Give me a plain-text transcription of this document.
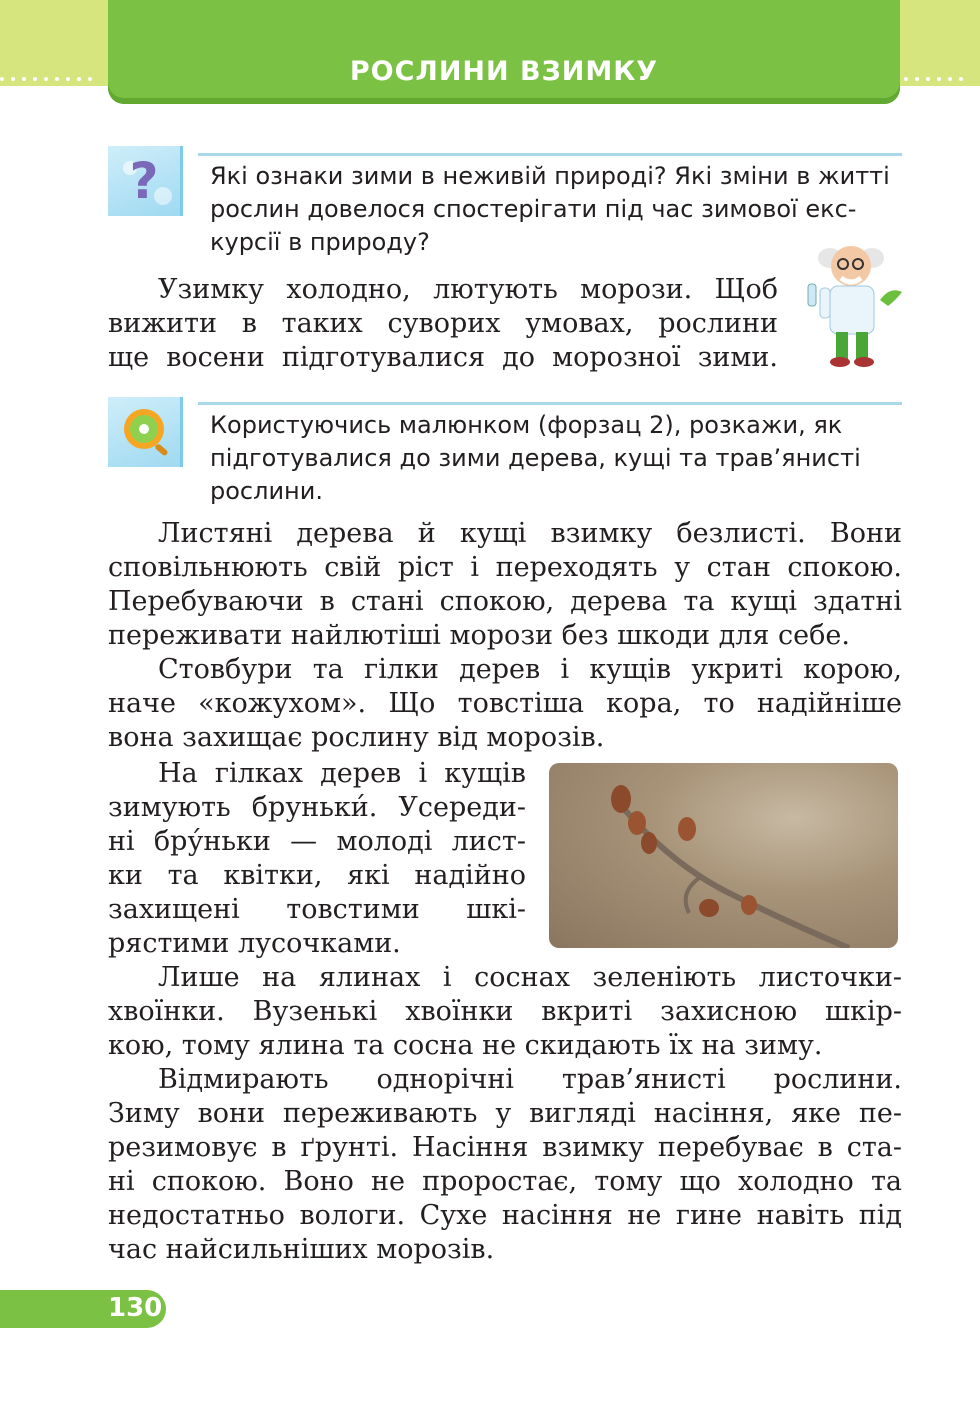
РОСЛИНИ ВЗИМКУ
? Які ознаки зими в неживій природі? Які зміни в житті
рослин довелося спостерігати під час зимової екс-
курсії в природу?
Узимку холодно, лютують морози. Щоб
вижити в таких суворих умовах, рослини
ще восени підготувалися до морозної зими.
Користуючись малюнком (форзац 2), розкажи, як
підготувалися до зими дерева, кущі та трав’янисті
рослини.
Листяні дерева й кущі взимку безлисті. Вони
сповільнюють свій ріст і переходять у стан спокою.
Перебуваючи в стані спокою, дерева та кущі здатні
переживати найлютіші морози без шкоди для себе.
Стовбури та гілки дерев і кущів укриті корою,
наче «кожухом». Що товстіша кора, то надійніше
вона захищає рослину від морозів.
На гілках дерев і кущів
зимують бруньки́. Усереди-
ні бру́ньки — молоді лист-
ки та квітки, які надійно
захищені товстими шкі-
рястими лусочками.
Лише на ялинах і соснах зеленіють листочки-
хвоїнки. Вузенькі хвоїнки вкриті захисною шкір-
кою, тому ялина та сосна не скидають їх на зиму.
Відмирають однорічні трав’янисті рослини.
Зиму вони переживають у вигляді насіння, яке пе-
резимовує в ґрунті. Насіння взимку перебуває в ста-
ні спокою. Воно не проростає, тому що холодно та
недостатньо вологи. Сухе насіння не гине навіть під
час найсильніших морозів.
130
